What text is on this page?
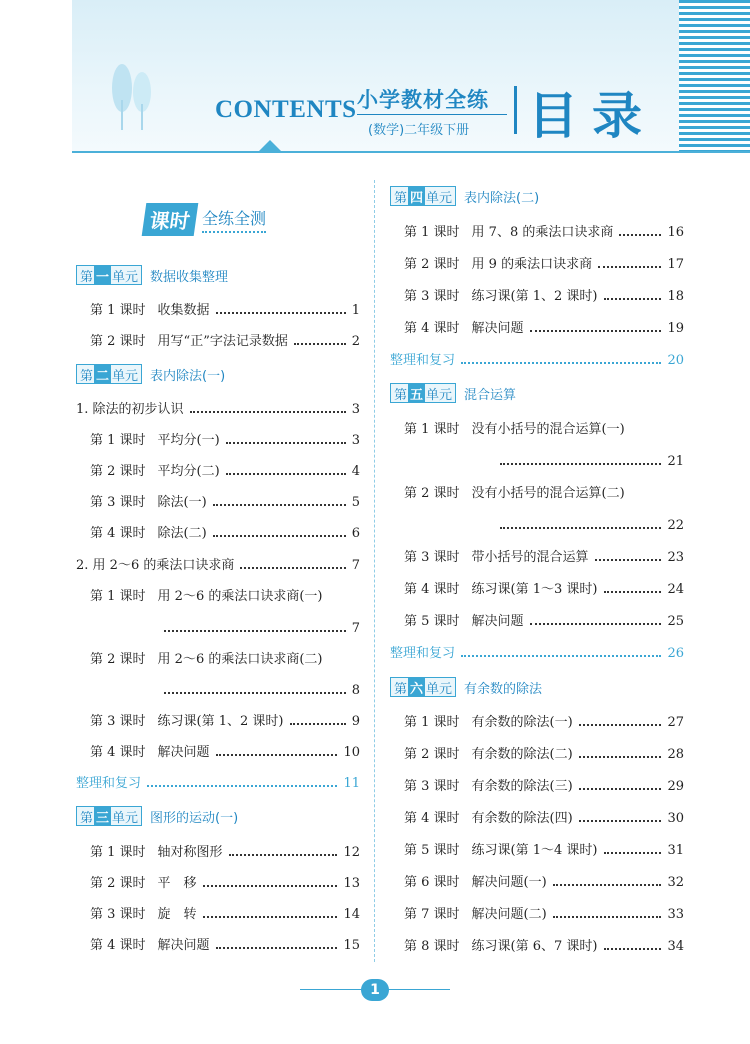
CONTENTS 小学教材全练
(数学)二年级下册 目录
课时 全练全测
第 一 单元 数据收集整理
第 1 课时 收集数据	1
第 2 课时 用写“正”字法记录数据	2
第 二 单元 表内除法(一)
1. 除法的初步认识	3
第 1 课时 平均分(一)	3
第 2 课时 平均分(二)	4
第 3 课时 除法(一)	5
第 4 课时 除法(二)	6
2. 用 2～6 的乘法口诀求商	7
第 1 课时 用 2～6 的乘法口诀求商(一)
7
第 2 课时 用 2～6 的乘法口诀求商(二)
8
第 3 课时 练习课(第 1、2 课时)	9
第 4 课时 解决问题	10
整理和复习	11
第 三 单元 图形的运动(一)
第 1 课时 轴对称图形	12
第 2 课时 平　移	13
第 3 课时 旋　转	14
第 4 课时 解决问题	15
第 四 单元 表内除法(二)
第 1 课时 用 7、8 的乘法口诀求商	16
第 2 课时 用 9 的乘法口诀求商	17
第 3 课时 练习课(第 1、2 课时)	18
第 4 课时 解决问题	19
整理和复习	20
第 五 单元 混合运算
第 1 课时 没有小括号的混合运算(一)
21
第 2 课时 没有小括号的混合运算(二)
22
第 3 课时 带小括号的混合运算	23
第 4 课时 练习课(第 1～3 课时)	24
第 5 课时 解决问题	25
整理和复习	26
第 六 单元 有余数的除法
第 1 课时 有余数的除法(一)	27
第 2 课时 有余数的除法(二)	28
第 3 课时 有余数的除法(三)	29
第 4 课时 有余数的除法(四)	30
第 5 课时 练习课(第 1～4 课时)	31
第 6 课时 解决问题(一)	32
第 7 课时 解决问题(二)	33
第 8 课时 练习课(第 6、7 课时)	34
1
